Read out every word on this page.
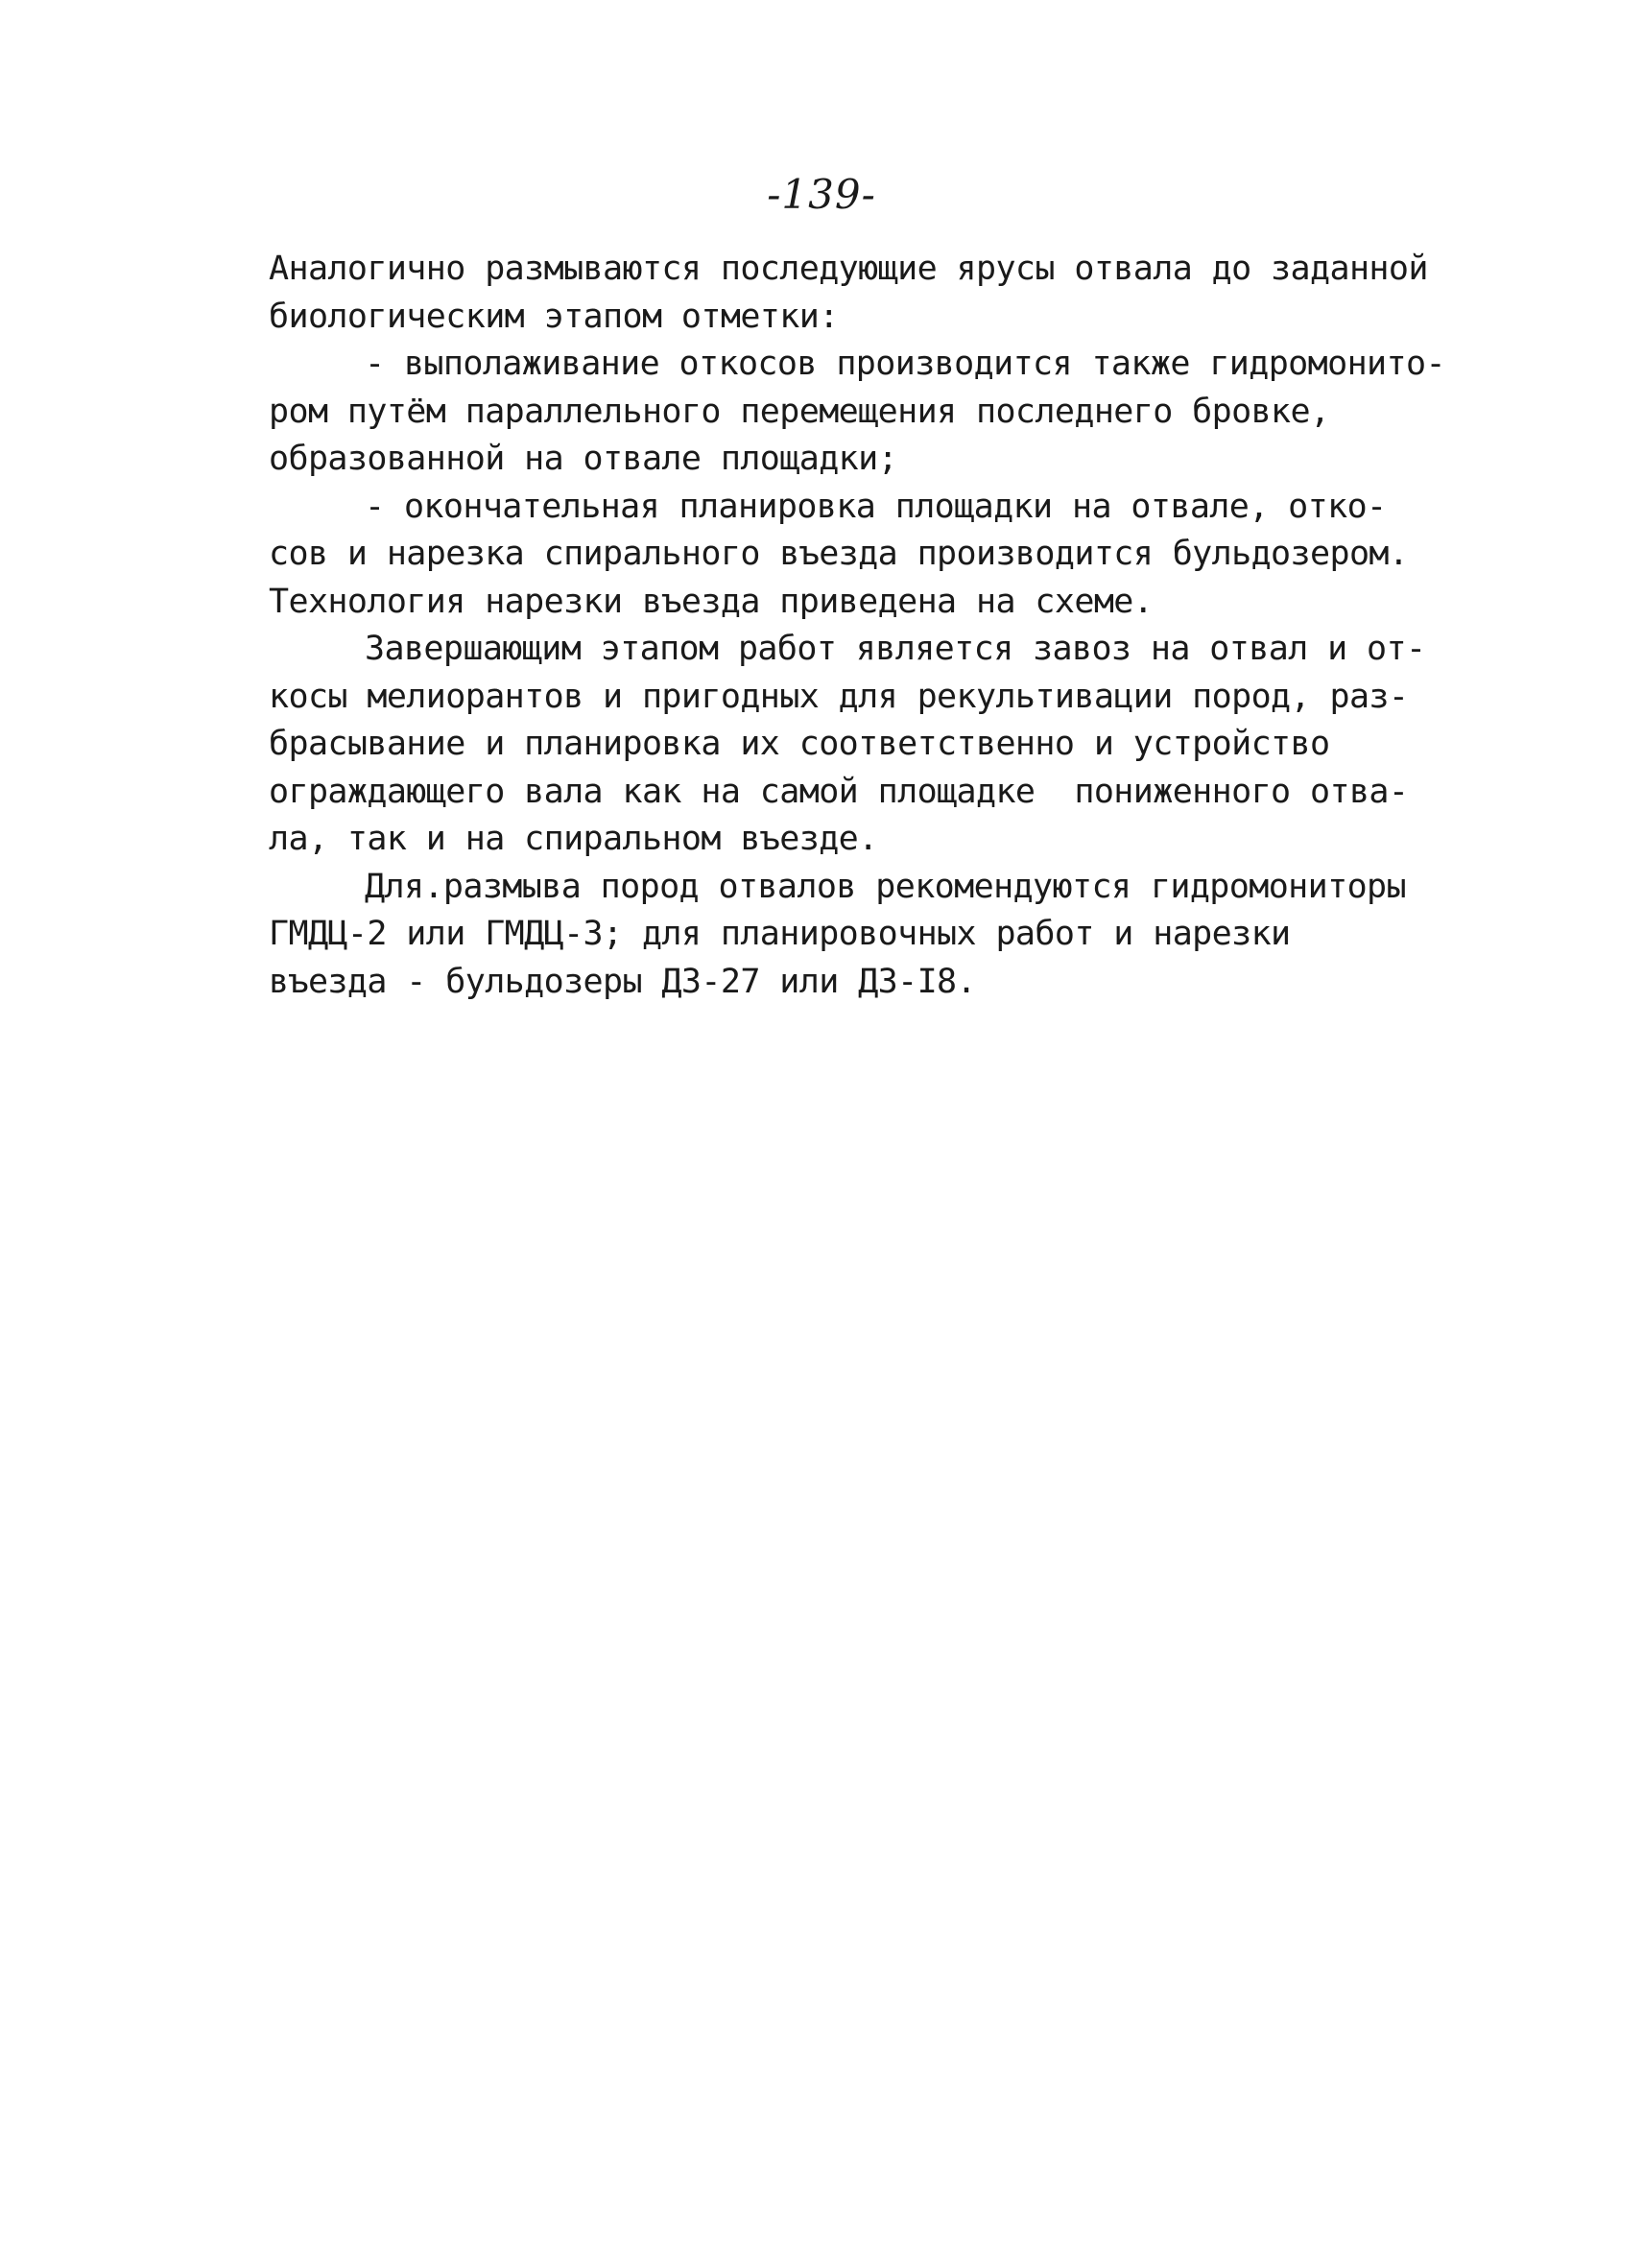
-139-
Аналогично размываются последующие ярусы отвала до заданной
биологическим этапом отметки:
- выполаживание откосов производится также гидромонито-
ром путём параллельного перемещения последнего бровке,
образованной на отвале площадки;
- окончательная планировка площадки на отвале, отко-
сов и нарезка спирального въезда производится бульдозером.
Технология нарезки въезда приведена на схеме.
Завершающим этапом работ является завоз на отвал и от-
косы мелиорантов и пригодных для рекультивации пород, раз-
брасывание и планировка их соответственно и устройство
ограждающего вала как на самой площадке  пониженного отва-
ла, так и на спиральном въезде.
Для.размыва пород отвалов рекомендуются гидромониторы
ГМДЦ-2 или ГМДЦ-3; для планировочных работ и нарезки
въезда - бульдозеры ДЗ-27 или ДЗ-I8.
